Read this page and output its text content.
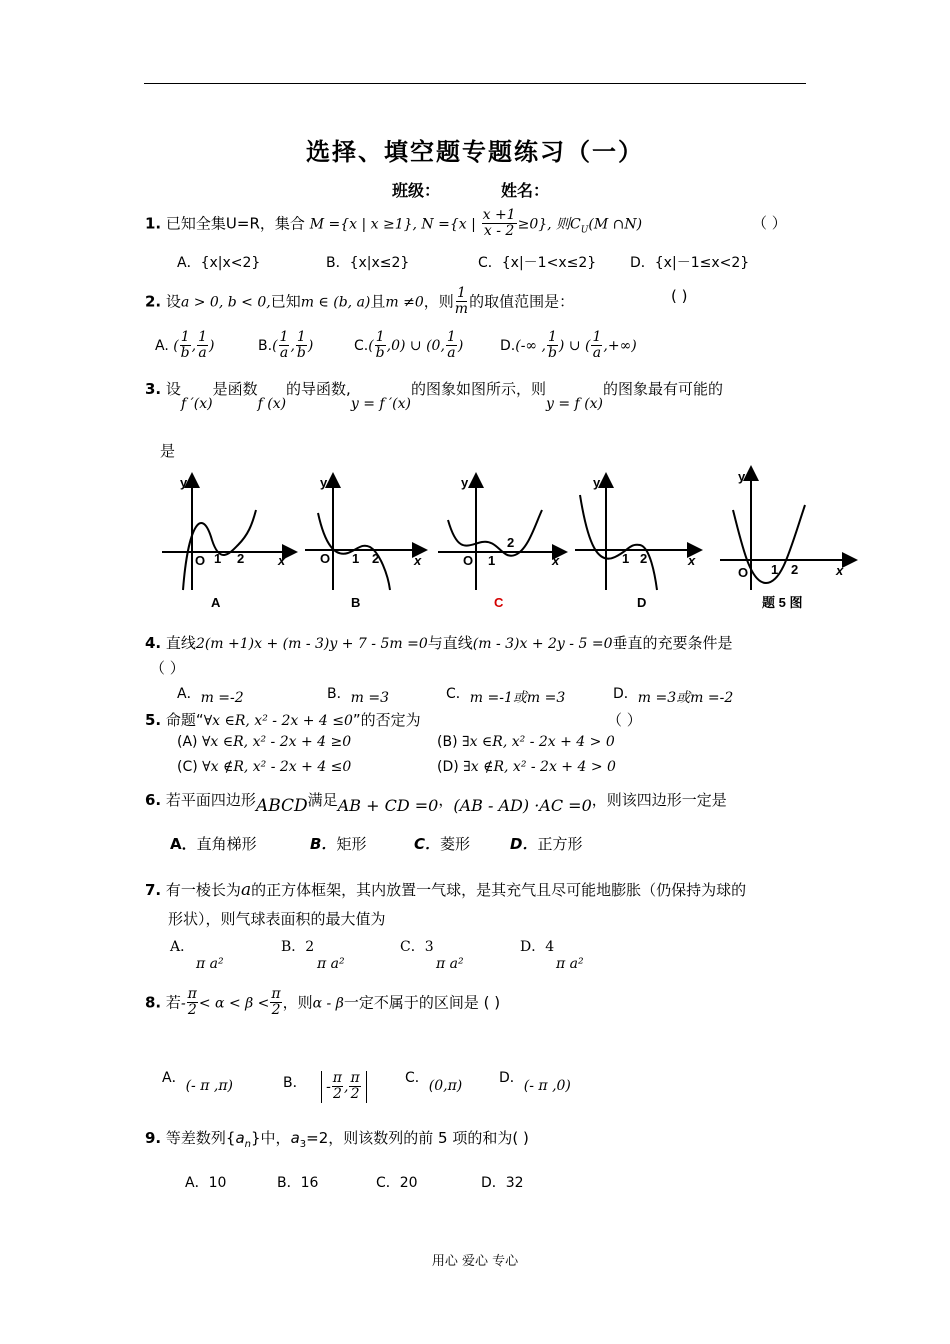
选择、填空题专题练习（一）
班级：	姓名：
1. 已知全集U=R，集合 M ={x | x ≥1}, N ={x | $\frac{x +1}{x - 2} \ge 0$}, 则$C_U(M$ ∩N)	（ ）
A．{x|x<2}	B．{x|x≤2}	C．{x|－1<x≤2} D．{x|－1≤x<2}
2. 设a > 0, b < 0,已知m ∈ (b, a)且m ≠0，则 $\frac{1}{m}$ 的取值范围是：	( )
A. ( $\frac{1}{b}$ , $\frac{1}{a}$ )	$B.( \frac{1}{a}$ , $\frac{1}{b}$ )	$C.( \frac{1}{b} ,0)$ ∪ (0, $\frac{1}{a}$ )	D.(-∞ , $\frac{1}{b}$ ) ∪ ( $\frac{1}{a}$ ,+∞)
3. 设f ′(x)是函数f (x)的导函数,y = f ′(x)的图象如图所示，则y = f (x)的图象最有可能的
是
y
O 1 2	x
A
y
O 1 2	x
B
y
O 1
2
x
C
y
1 2	x
D
y
O 1 2	x
题 5 图
4. 直线2(m +1)x + (m - 3)y + 7 - 5m =0与直线(m - 3)x + 2y - 5 =0垂直的充要条件是
（ ）
A．m =-2	B．m =3	C．m =-1或m =3	D．m =3或m =-2
5. 命题“∀x ∈R, x² - 2x + 4 ≤0”的否定为	（ ）
(A) ∀x ∈R, x² - 2x + 4 ≥0	(B) ∃x ∈R, x² - 2x + 4 > 0
(C) ∀x ∉R, x² - 2x + 4 ≤0	(D) ∃x ∉R, x² - 2x + 4 > 0
6. 若平面四边形ABCD满足AB + CD =0，(AB - AD) ·AC =0，则该四边形一定是
A．直角梯形	B．矩形	C．菱形	D．正方形
7. 有一棱长为a的正方体框架，其内放置一气球，是其充气且尽可能地膨胀（仍保持为球的
形状），则气球表面积的最大值为
A．
π a²
B．2
π a²
C．3
π a²
D．4
π a²
8. 若- $\frac{\pi}{2} < \alpha < \beta < \frac{\pi}{2}$ ，则α - β一定不属于的区间是 ( )
A．(- π ,π)	B． - $\frac{\pi}{2}$ , $\frac{\pi}{2}$	C．(0,π)	D．(- π ,0)
9. 等差数列$\{a_n\}$中，$a_3=2$，则该数列的前 5 项的和为( )
A．10	B．16	C．20	D．32
用心 爱心 专心
